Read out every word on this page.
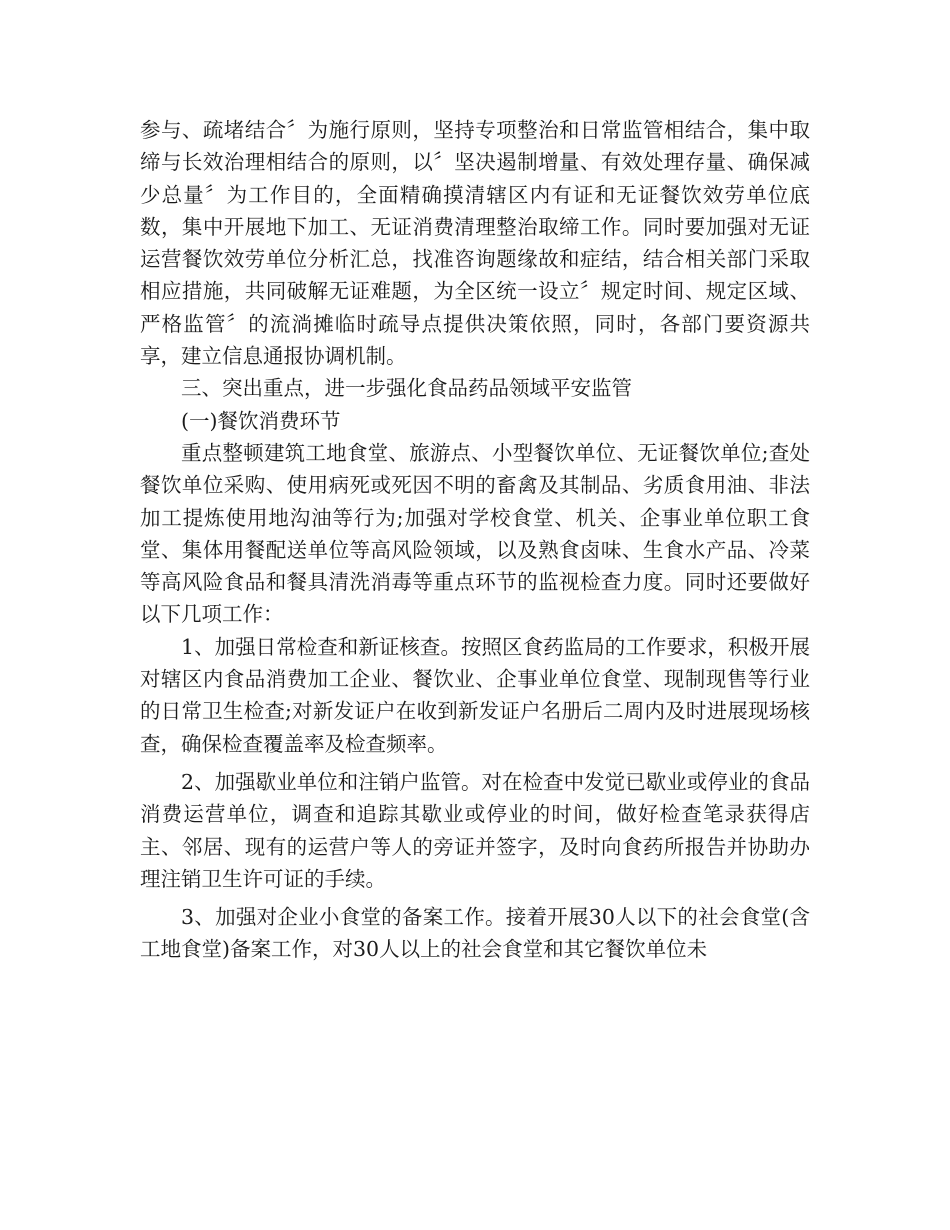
参与、疏堵结合〞为施行原则，坚持专项整治和日常监管相结合，集中取缔与长效治理相结合的原则，以〞坚决遏制增量、有效处理存量、确保减少总量〞为工作目的，全面精确摸清辖区内有证和无证餐饮效劳单位底数，集中开展地下加工、无证消费清理整治取缔工作。同时要加强对无证运营餐饮效劳单位分析汇总，找准咨询题缘故和症结，结合相关部门采取相应措施，共同破解无证难题，为全区统一设立〞规定时间、规定区域、严格监管〞的流淌摊临时疏导点提供决策依照，同时，各部门要资源共享，建立信息通报协调机制。

三、突出重点，进一步强化食品药品领域平安监管

(一)餐饮消费环节

重点整顿建筑工地食堂、旅游点、小型餐饮单位、无证餐饮单位;查处餐饮单位采购、使用病死或死因不明的畜禽及其制品、劣质食用油、非法加工提炼使用地沟油等行为;加强对学校食堂、机关、企事业单位职工食堂、集体用餐配送单位等高风险领域，以及熟食卤味、生食水产品、冷菜等高风险食品和餐具清洗消毒等重点环节的监视检查力度。同时还要做好以下几项工作：

1、加强日常检查和新证核查。按照区食药监局的工作要求，积极开展对辖区内食品消费加工企业、餐饮业、企事业单位食堂、现制现售等行业的日常卫生检查;对新发证户在收到新发证户名册后二周内及时进展现场核查，确保检查覆盖率及检查频率。

2、加强歇业单位和注销户监管。对在检查中发觉已歇业或停业的食品消费运营单位，调查和追踪其歇业或停业的时间，做好检查笔录获得店主、邻居、现有的运营户等人的旁证并签字，及时向食药所报告并协助办理注销卫生许可证的手续。

3、加强对企业小食堂的备案工作。接着开展30人以下的社会食堂(含工地食堂)备案工作，对30人以上的社会食堂和其它餐饮单位未
